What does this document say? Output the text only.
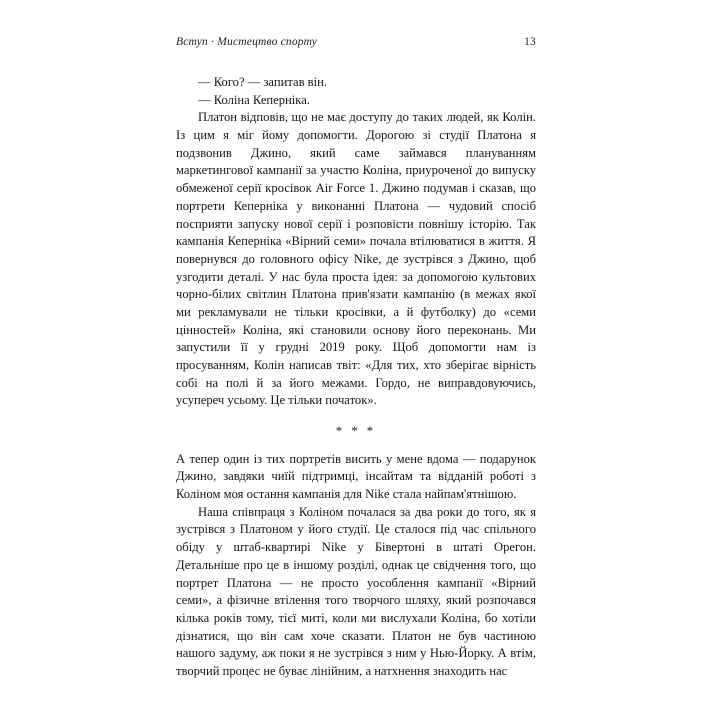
Вступ · Мистецтво спорту	13

— Кого? — запитав він.

— Коліна Кеперніка.

Платон відповів, що не має доступу до таких людей, як Колін. Із цим я міг йому допомогти. Дорогою зі студії Платона я подзвонив Джино, який саме займався плануванням маркетингової кампанії за участю Коліна, приуроченої до випуску обмеженої серії кросівок Air Force 1. Джино подумав і сказав, що портрети Кеперніка у виконанні Платона — чудовий спосіб посприяти запуску нової серії і розповісти повнішу історію. Так кампанія Кеперніка «Вірний семи» почала втілюватися в життя. Я повернувся до головного офісу Nike, де зустрівся з Джино, щоб узгодити деталі. У нас була проста ідея: за допомогою культових чорно-білих світлин Платона прив'язати кампанію (в межах якої ми рекламували не тільки кросівки, а й футболку) до «семи цінностей» Коліна, які становили основу його переконань. Ми запустили її у грудні 2019 року. Щоб допомогти нам із просуванням, Колін написав твіт: «Для тих, хто зберігає вірність собі на полі й за його межами. Гордо, не виправдовуючись, усупереч усьому. Це тільки початок».

* * *

А тепер один із тих портретів висить у мене вдома — подарунок Джино, завдяки чиїй підтримці, інсайтам та відданій роботі з Коліном моя остання кампанія для Nike стала найпам'ятнішою.

Наша співпраця з Коліном почалася за два роки до того, як я зустрівся з Платоном у його студії. Це сталося під час спільного обіду у штаб-квартирі Nike у Бівертоні в штаті Орегон. Детальніше про це в іншому розділі, однак це свідчення того, що портрет Платона — не просто уособлення кампанії «Вірний семи», а фізичне втілення того творчого шляху, який розпочався кілька років тому, тієї миті, коли ми вислухали Коліна, бо хотіли дізнатися, що він сам хоче сказати. Платон не був частиною нашого задуму, аж поки я не зустрівся з ним у Нью-Йорку. А втім, творчий процес не буває лінійним, а натхнення знаходить нас
